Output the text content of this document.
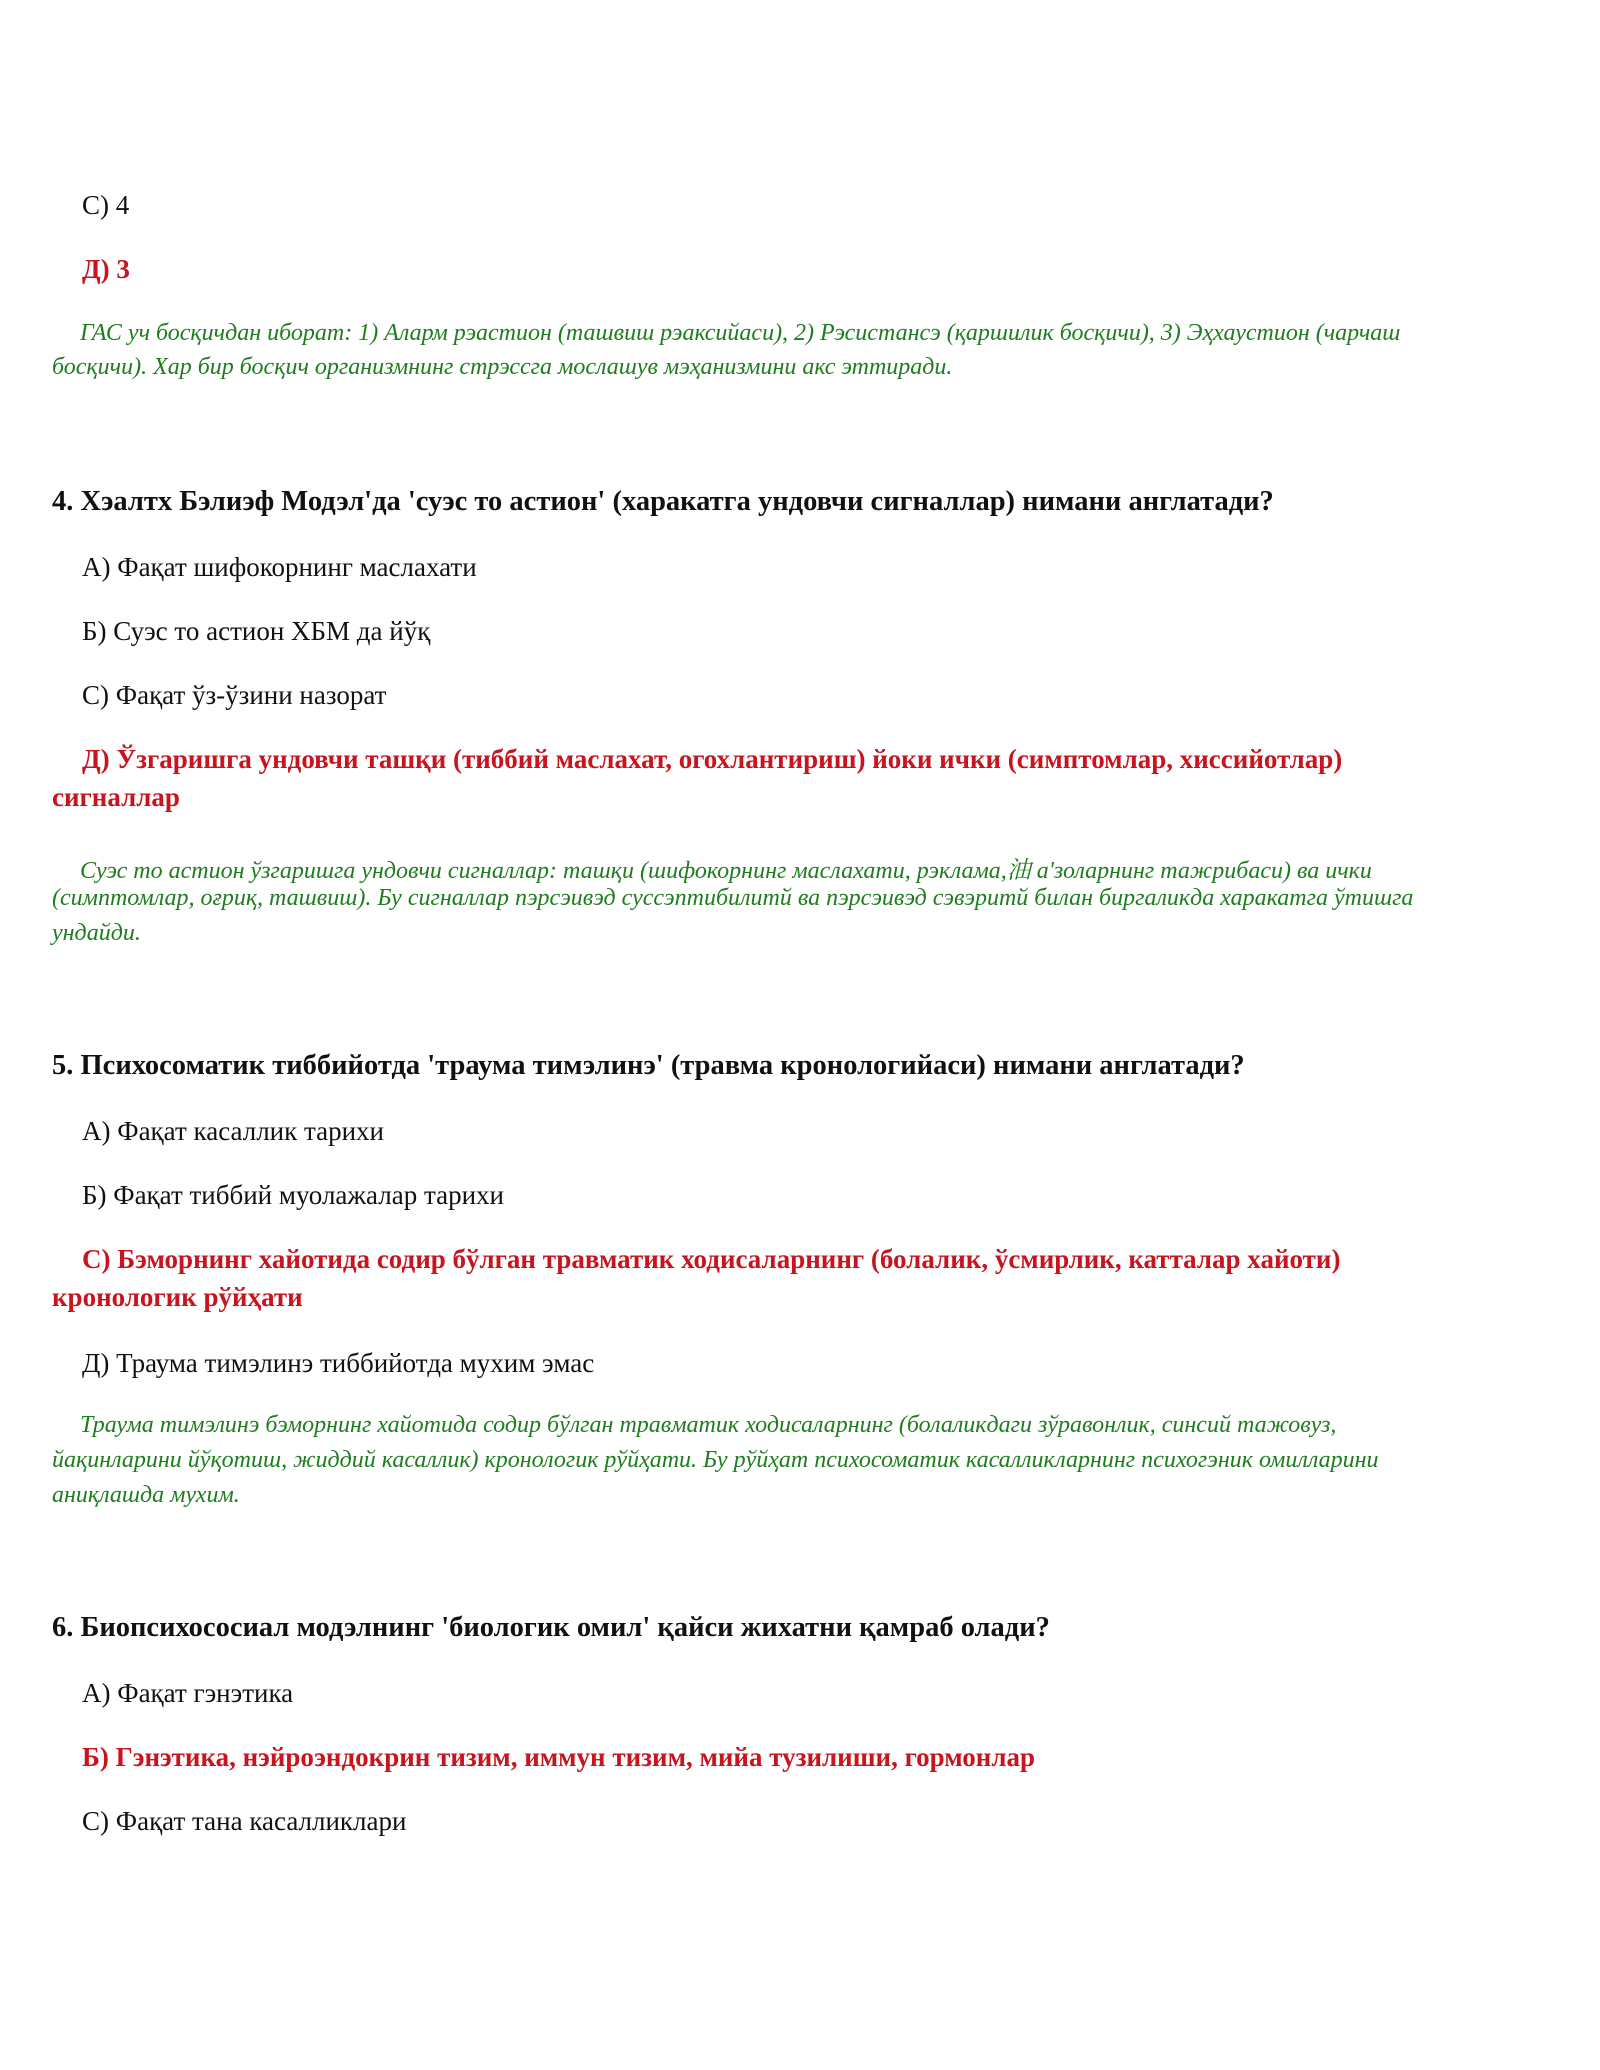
С) 4
Д) 3
ГАС уч босқичдан иборат: 1) Аларм рэастион (ташвиш рэаксийаси), 2) Рэсистансэ (қаршилик босқичи), 3) Эҳхаустион (чарчаш
босқичи). Хар бир босқич организмнинг стрэссга мослашув мэҳанизмини акс эттиради.
4. Хэалтх Бэлиэф Модэл'да 'суэс то астион' (харакатга ундовчи сигналлар) нимани англатади?
А) Фақат шифокорнинг маслахати
Б) Суэс то астион ХБМ да йўқ
С) Фақат ўз-ўзини назорат
Д) Ўзгаришга ундовчи ташқи (тиббий маслахат, огохлантириш) йоки ички (симптомлар, хиссийотлар)
сигналлар
Суэс то астион ўзгаришга ундовчи сигналлар: ташқи (шифокорнинг маслахати, рэклама,油 а'золарнинг тажрибаси) ва ички
(симптомлар, оғриқ, ташвиш). Бу сигналлар пэрсэивэд суссэптибилитй ва пэрсэивэд сэвэритй билан биргаликда харакатга ўтишга
ундайди.
5. Психосоматик тиббийотда 'траума тимэлинэ' (травма кронологийаси) нимани англатади?
А) Фақат касаллик тарихи
Б) Фақат тиббий муолажалар тарихи
С) Бэморнинг хайотида содир бўлган травматик ходисаларнинг (болалик, ўсмирлик, катталар хайоти)
кронологик рўйҳати
Д) Траума тимэлинэ тиббийотда мухим эмас
Траума тимэлинэ бэморнинг хайотида содир бўлган травматик ходисаларнинг (болаликдаги зўравонлик, синсий тажовуз,
йақинларини йўқотиш, жиддий касаллик) кронологик рўйҳати. Бу рўйҳат психосоматик касалликларнинг психогэник омилларини
аниқлашда мухим.
6. Биопсихососиал модэлнинг 'биологик омил' қайси жихатни қамраб олади?
А) Фақат гэнэтика
Б) Гэнэтика, нэйроэндокрин тизим, иммун тизим, мийа тузилиши, гормонлар
С) Фақат тана касалликлари
